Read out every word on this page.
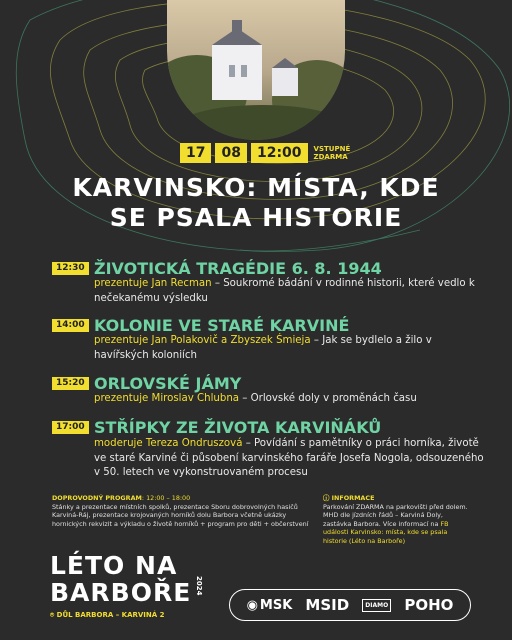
17	08	12:00	VSTUPNÉ
ZDARMA
KARVINSKO: MÍSTA, KDE
SE PSALA HISTORIE
12:30 ŽIVOTICKÁ TRAGÉDIE 6. 8. 1944
prezentuje Jan Recman – Soukromé bádání v rodinné historii, které vedlo k nečekanému výsledku
14:00 KOLONIE VE STARÉ KARVINÉ
prezentuje Jan Polakovič a Zbyszek Śmieja – Jak se bydlelo a žilo v havířských koloniích
15:20 ORLOVSKÉ JÁMY
prezentuje Miroslav Chlubna – Orlovské doly v proměnách času
17:00 STŘÍPKY ZE ŽIVOTA KARVIŇÁKŮ
moderuje Tereza Ondruszová – Povídání s pamětníky o práci horníka, životě ve staré Karviné či působení karvinského faráře Josefa Nogola, odsouzeného v 50. letech ve vykonstruovaném procesu
DOPROVODNÝ PROGRAM: 12:00 – 18:00
Stánky a prezentace místních spolků, prezentace Sboru dobrovolných hasičů Karviná-Ráj, prezentace krojovaných horníků dolu Barbora včetně ukázky hornických rekvizit a výkladu o životě horníků + program pro děti + občerstvení
ⓘ INFORMACE
Parkování ZDARMA na parkovišti před dolem. MHD dle jízdních řádů – Karviná Doly, zastávka Barbora. Více informací na FB události Karvinsko: místa, kde se psala historie (Léto na Barboře)
LÉTO NA
BARBOŘE 2024
⌾ DŮL BARBORA – KARVINÁ 2
◉ MSK MSID	DIAMO POHO
